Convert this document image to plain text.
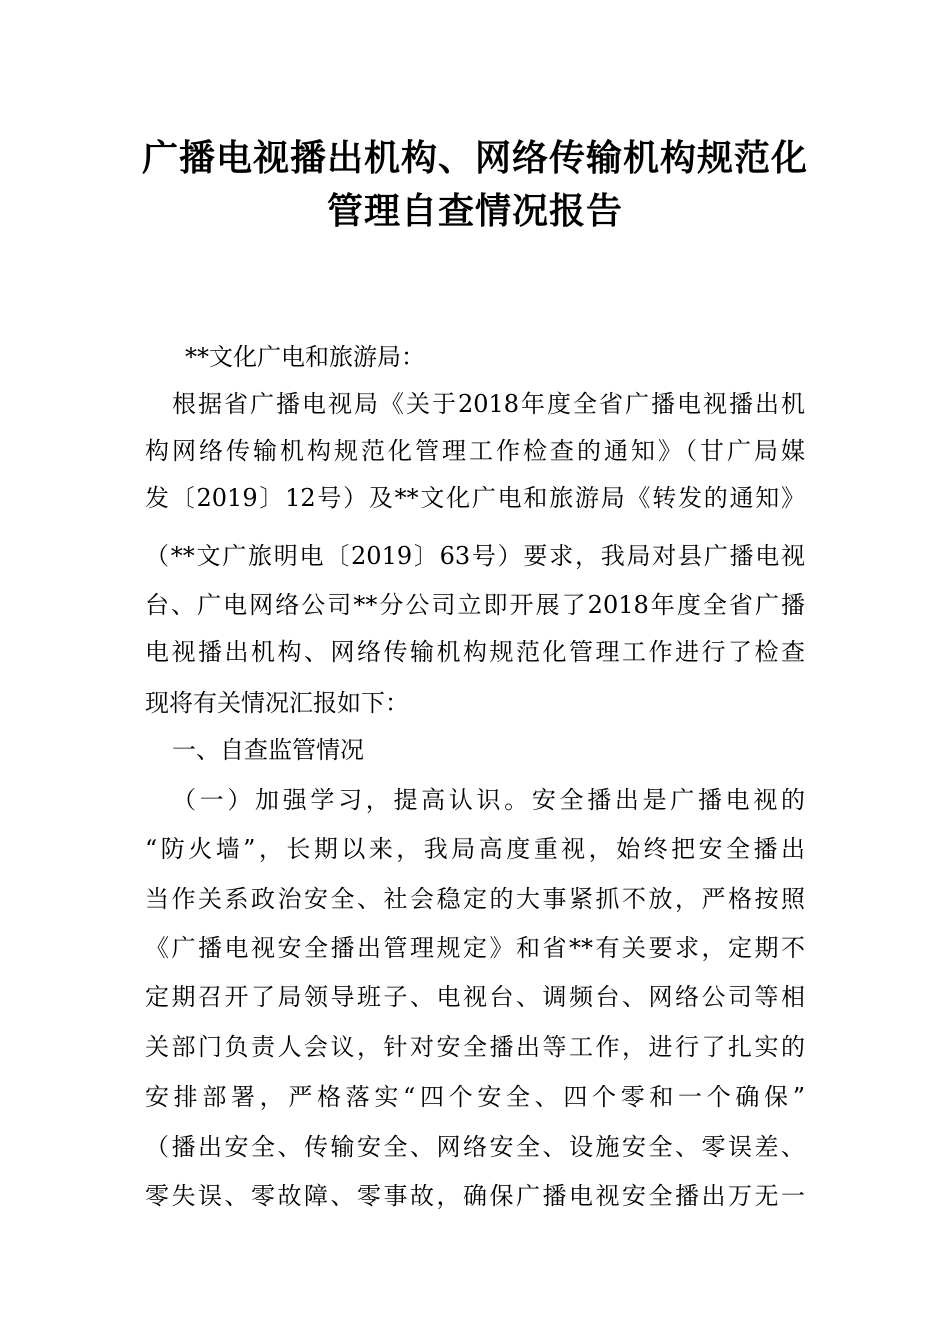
广播电视播出机构、网络传输机构规范化
管理自查情况报告
**文化广电和旅游局：
根据省广播电视局《关于2018年度全省广播电视播出机
构网络传输机构规范化管理工作检查的通知》（甘广局媒
发〔2019〕12号）及**文化广电和旅游局《转发的通知》
（**文广旅明电〔2019〕63号）要求，我局对县广播电视
台、广电网络公司**分公司立即开展了2018年度全省广播
电视播出机构、网络传输机构规范化管理工作进行了检查
现将有关情况汇报如下：
一、自查监管情况
（一）加强学习，提高认识。安全播出是广播电视的
“防火墙”，长期以来，我局高度重视，始终把安全播出
当作关系政治安全、社会稳定的大事紧抓不放，严格按照
《广播电视安全播出管理规定》和省**有关要求，定期不
定期召开了局领导班子、电视台、调频台、网络公司等相
关部门负责人会议，针对安全播出等工作，进行了扎实的
安排部署，严格落实“四个安全、四个零和一个确保”
（播出安全、传输安全、网络安全、设施安全、零误差、
零失误、零故障、零事故，确保广播电视安全播出万无一
